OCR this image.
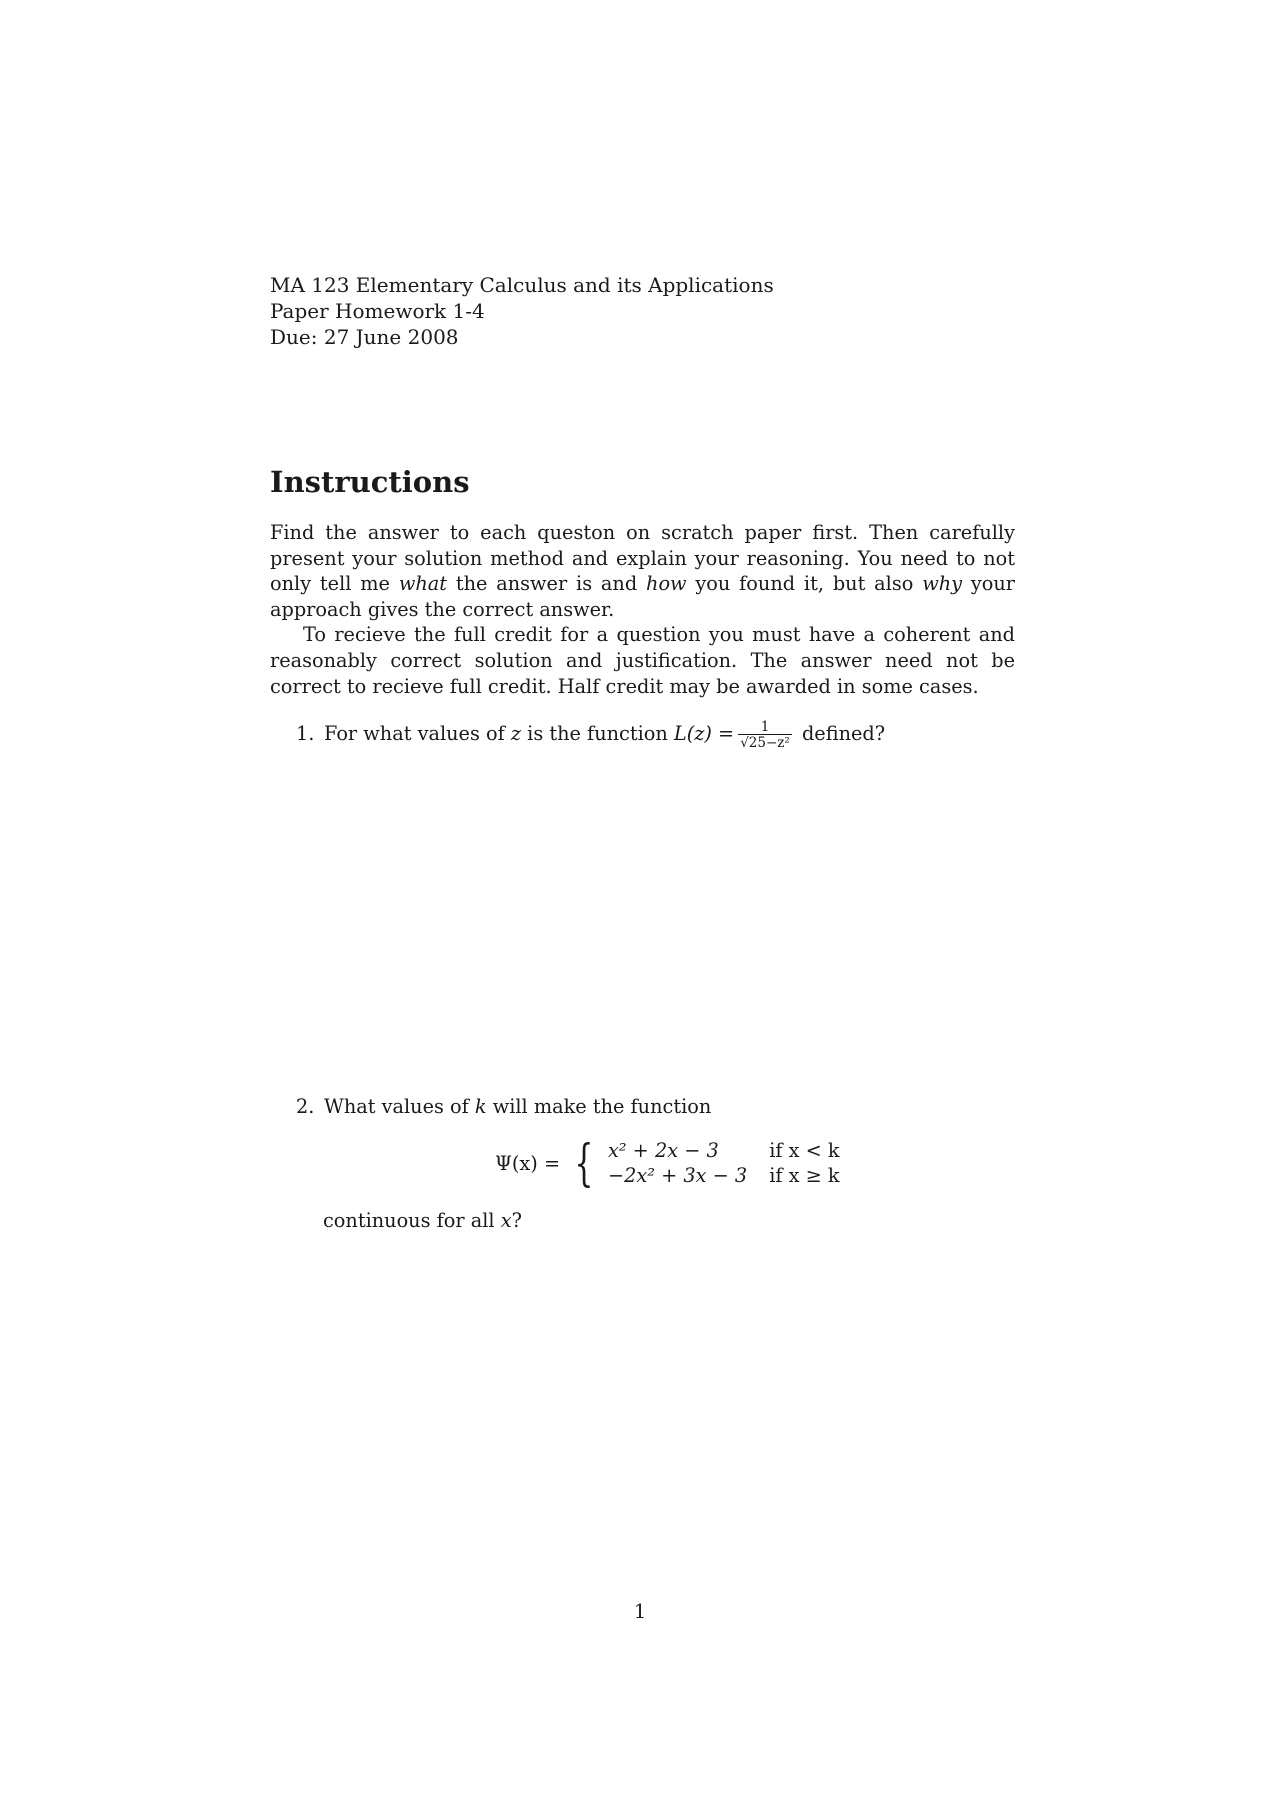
MA 123 Elementary Calculus and its Applications
Paper Homework 1-4
Due: 27 June 2008
Instructions

Find the answer to each queston on scratch paper first. Then carefully present your solution method and explain your reasoning. You need to not only tell me what the answer is and how you found it, but also why your approach gives the correct answer.

To recieve the full credit for a question you must have a coherent and reasonably correct solution and justification. The answer need not be correct to recieve full credit. Half credit may be awarded in some cases.

1. For what values of z is the function $L(z) = \frac{1}{\text{√25−z²}}$ defined?
2. What values of k will make the function
Ψ(x) = { x² + 2x − 3	if x < k
−2x² + 3x − 3 if x ≥ k
continuous for all x?
1
